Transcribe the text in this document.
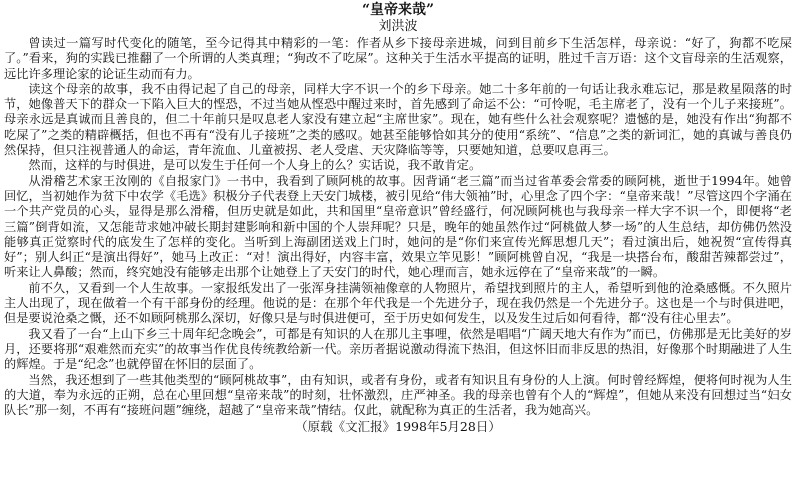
“皇帝来哉”
刘洪波

曾读过一篇写时代变化的随笔，至今记得其中精彩的一笔：作者从乡下接母亲进城，问到目前乡下生活怎样，母亲说：“好了，狗都不吃屎了。”看来，狗的实践已推翻了一个所谓的人类真理；“狗改不了吃屎”。这种关于生活水平提高的证明，胜过千言万语：这个文盲母亲的生活观察，远比许多理论家的论证生动而有力。

读这个母亲的故事，我不由得记起了自己的母亲，同样大字不识一个的乡下母亲。她二十多年前的一句话让我永难忘记，那是救星陨落的时节，她像普天下的群众一下陷入巨大的悭恐，不过当她从悭恐中醒过来时，首先感到了命运不公：“可怜呢，毛主席老了，没有一个儿子来接班”。母亲永远是真诚而且善良的，但二十年前只是叹息老人家没有建立起“主席世家”。现在，她有些什么社会观察呢？遗憾的是，她没有作出“狗都不吃屎了”之类的精辟概括，但也不再有“没有儿子接班”之类的感叹。她甚至能够恰如其分的使用“系统”、“信息”之类的新词汇，她的真诚与善良仍然保持，但只注视普通人的命运，青年流血、儿童被拐、老人受虐、天灾降临等等，只要她知道，总要叹息再三。

然而，这样的与时俱进，是可以发生于任何一个人身上的么？实话说，我不敢肯定。

从滑稽艺术家王汝刚的《自报家门》一书中，我看到了顾阿桃的故事。因背诵“老三篇”而当过省革委会常委的顾阿桃，逝世于1994年。她曾回忆，当初她作为贫下中农学《毛选》积极分子代表登上天安门城楼，被引见给“伟大领袖”时，心里念了四个字：“皇帝来哉！”尽管这四个字涌在一个共产党员的心头，显得是那么滑稽，但历史就是如此，共和国里“皇帝意识”曾经盛行，何况顾阿桃也与我母亲一样大字不识一个，即便将“老三篇”倒背如流，又怎能苛求她冲破长期封建影响和新中国的个人崇拜呢？只是，晚年的她虽然作过“阿桃做人梦一场”的人生总结，却仿佛仍然没能够真正觉察时代的底发生了怎样的变化。当听到上海副团送戏上门时，她问的是“你们来宣传光辉思想几天”；看过演出后，她祝贺“宣传得真好”；别人纠正“是演出得好”，她马上改正：“对！演出得好，内容丰富，效果立竿见影！”顾阿桃曾自况，“我是一块搭台布，酸甜苦辣都尝过”，听来让人鼻酸；然而，终究她没有能够走出那个让她登上了天安门的时代，她心理而言，她永远停在了“皇帝来哉”的一瞬。

前不久，又看到一个人生故事。一家报纸发出了一张浑身挂满领袖像章的人物照片，希望找到照片的主人，希望听到他的沧桑感慨。不久照片主人出现了，现在做着一个有干部身份的经理。他说的是：在那个年代我是一个先进分子，现在我仍然是一个先进分子。这也是一个与时俱进吧，但是要说沧桑之慨，还不如顾阿桃那么深切，好像只是与时俱进便可，至于历史如何发生，以及发生过后如何看待，都“没有往心里去”。

我又看了一台“上山下乡三十周年纪念晚会”，可都是有知识的人在那儿主事哩，依然是唱唱“广阔天地大有作为”而已，仿佛那是无比美好的岁月，还要将那“艰难然而充实”的故事当作优良传统教给新一代。亲历者据说激动得流下热泪，但这怀旧而非反思的热泪，好像那个时期融进了人生的辉煌。于是“纪念”也就停留在怀旧的层面了。

当然，我还想到了一些其他类型的“顾阿桃故事”，由有知识，或者有身份，或者有知识且有身份的人上演。何时曾经辉煌，便将何时视为人生的大道，奉为永远的正朔，总在心里回想“皇帝来哉”的时刻，壮怀激烈，庄严神圣。我的母亲也曾有个人的“辉煌”，但她从来没有回想过当“妇女队长”那一刻，不再有“接班问题”缠绕，超越了“皇帝来哉”情结。仅此，就配称为真正的生活者，我为她高兴。

（原载《文汇报》1998年5月28日）
